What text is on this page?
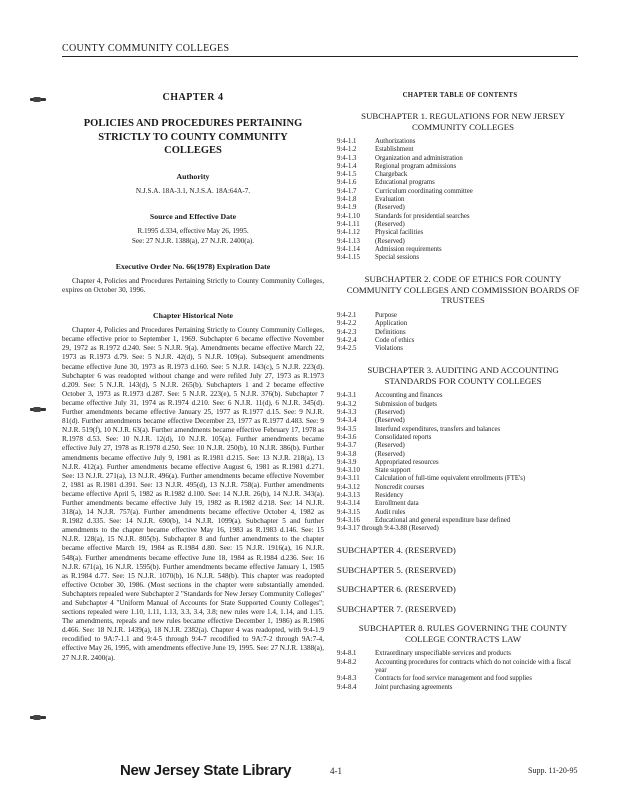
COUNTY COMMUNITY COLLEGES
CHAPTER 4
POLICIES AND PROCEDURES PERTAINING STRICTLY TO COUNTY COMMUNITY COLLEGES
Authority
N.J.S.A. 18A-3.1, N.J.S.A. 18A:64A-7.
Source and Effective Date
R.1995 d.334, effective May 26, 1995.
See: 27 N.J.R. 1388(a), 27 N.J.R. 2400(a).
Executive Order No. 66(1978) Expiration Date
Chapter 4, Policies and Procedures Pertaining Strictly to County Community Colleges, expires on October 30, 1996.
Chapter Historical Note
Chapter 4, Policies and Procedures Pertaining Strictly to County Community Colleges, became effective prior to September 1, 1969. Subchapter 6 became effective November 29, 1972 as R.1972 d.240. See: 5 N.J.R. 9(a). Amendments became effective March 22, 1973 as R.1973 d.79. See: 5 N.J.R. 42(d), 5 N.J.R. 109(a). Subsequent amendments became effective June 30, 1973 as R.1973 d.160. See: 5 N.J.R. 143(c), 5 N.J.R. 223(d). Subchapter 6 was readopted without change and were refiled July 27, 1973 as R.1973 d.209. See: 5 N.J.R. 143(d), 5 N.J.R. 265(b). Subchapters 1 and 2 became effective October 3, 1973 as R.1973 d.287. See: 5 N.J.R. 223(e), 5 N.J.R. 376(b). Subchapter 7 became effective July 31, 1974 as R.1974 d.210. See: 6 N.J.R. 11(d), 6 N.J.R. 345(d). Further amendments became effective January 25, 1977 as R.1977 d.15. See: 9 N.J.R. 81(d). Further amendments became effective December 23, 1977 as R.1977 d.483. See: 9 N.J.R. 519(f), 10 N.J.R. 63(a). Further amendments became effective February 17, 1978 as R.1978 d.53. See: 10 N.J.R. 12(d), 10 N.J.R. 105(a). Further amendments became effective July 27, 1978 as R.1978 d.250. See: 10 N.J.R. 250(b), 10 N.J.R. 386(b). Further amendments became effective July 9, 1981 as R.1981 d.215. See: 13 N.J.R. 218(a), 13 N.J.R. 412(a). Further amendments became effective August 6, 1981 as R.1981 d.271. See: 13 N.J.R. 271(a), 13 N.J.R. 496(a). Further amendments became effective November 2, 1981 as R.1981 d.391. See: 13 N.J.R. 495(d), 13 N.J.R. 758(a). Further amendments became effective April 5, 1982 as R.1982 d.100. See: 14 N.J.R. 26(b), 14 N.J.R. 343(a). Further amendments became effective July 19, 1982 as R.1982 d.218. See: 14 N.J.R. 318(a), 14 N.J.R. 757(a). Further amendments became effective October 4, 1982 as R.1982 d.335. See: 14 N.J.R. 690(b), 14 N.J.R. 1099(a). Subchapter 5 and further amendments to the chapter became effective May 16, 1983 as R.1983 d.146. See: 15 N.J.R. 128(a), 15 N.J.R. 805(b). Subchapter 8 and further amendments to the chapter became effective March 19, 1984 as R.1984 d.80. See: 15 N.J.R. 1916(a), 16 N.J.R. 548(a). Further amendments became effective June 18, 1984 as R.1984 d.236. See: 16 N.J.R. 671(a), 16 N.J.R. 1595(b). Further amendments became effective January 1, 1985 as R.1984 d.77. See: 15 N.J.R. 1070(b), 16 N.J.R. 548(b). This chapter was readopted effective October 30, 1986. (Most sections in the chapter were substantially amended. Subchapters repealed were Subchapter 2 "Standards for New Jersey Community Colleges" and Subchapter 4 "Uniform Manual of Accounts for State Supported County Colleges"; sections repealed were 1.10, 1.11, 1.13, 3.3, 3.4, 3.8; new rules were 1.4, 1.14, and 1.15. The amendments, repeals and new rules became effective December 1, 1986) as R.1986 d.466. See: 18 N.J.R. 1439(a), 18 N.J.R. 2382(a). Chapter 4 was readopted, with 9:4-1.9 recodified to 9A:7-1.1 and 9:4-5 through 9:4-7 recodified to 9A:7-2 through 9A:7-4, effective May 26, 1995, with amendments effective June 19, 1995. See: 27 N.J.R. 1388(a), 27 N.J.R. 2400(a).
CHAPTER TABLE OF CONTENTS
SUBCHAPTER 1. REGULATIONS FOR NEW JERSEY COMMUNITY COLLEGES
9:4-1.1	Authorizations
9:4-1.2	Establishment
9:4-1.3	Organization and administration
9:4-1.4	Regional program admissions
9:4-1.5	Chargeback
9:4-1.6	Educational programs
9:4-1.7	Curriculum coordinating committee
9:4-1.8	Evaluation
9:4-1.9	(Reserved)
9:4-1.10	Standards for presidential searches
9:4-1.11	(Reserved)
9:4-1.12	Physical facilities
9:4-1.13	(Reserved)
9:4-1.14	Admission requirements
9:4-1.15	Special sessions
SUBCHAPTER 2. CODE OF ETHICS FOR COUNTY COMMUNITY COLLEGES AND COMMISSION BOARDS OF TRUSTEES
9:4-2.1	Purpose
9:4-2.2	Application
9:4-2.3	Definitions
9:4-2.4	Code of ethics
9:4-2.5	Violations
SUBCHAPTER 3. AUDITING AND ACCOUNTING STANDARDS FOR COUNTY COLLEGES
9:4-3.1	Accounting and finances
9:4-3.2	Submission of budgets
9:4-3.3	(Reserved)
9:4-3.4	(Reserved)
9:4-3.5	Interfund expenditures, transfers and balances
9:4-3.6	Consolidated reports
9:4-3.7	(Reserved)
9:4-3.8	(Reserved)
9:4-3.9	Appropriated resources
9:4-3.10	State support
9:4-3.11	Calculation of full-time equivalent enrollments (FTE's)
9:4-3.12	Noncredit courses
9:4-3.13	Residency
9:4-3.14	Enrollment data
9:4-3.15	Audit rules
9:4-3.16	Educational and general expenditure base defined
9:4-3.17 through 9:4-3.88 (Reserved)
SUBCHAPTER 4. (RESERVED)
SUBCHAPTER 5. (RESERVED)
SUBCHAPTER 6. (RESERVED)
SUBCHAPTER 7. (RESERVED)
SUBCHAPTER 8. RULES GOVERNING THE COUNTY COLLEGE CONTRACTS LAW
9:4-8.1	Extraordinary unspecifiable services and products
9:4-8.2	Accounting procedures for contracts which do not coincide with a fiscal year
9:4-8.3	Contracts for food service management and food supplies
9:4-8.4	Joint purchasing agreements
New Jersey State Library	4-1	Supp. 11-20-95
